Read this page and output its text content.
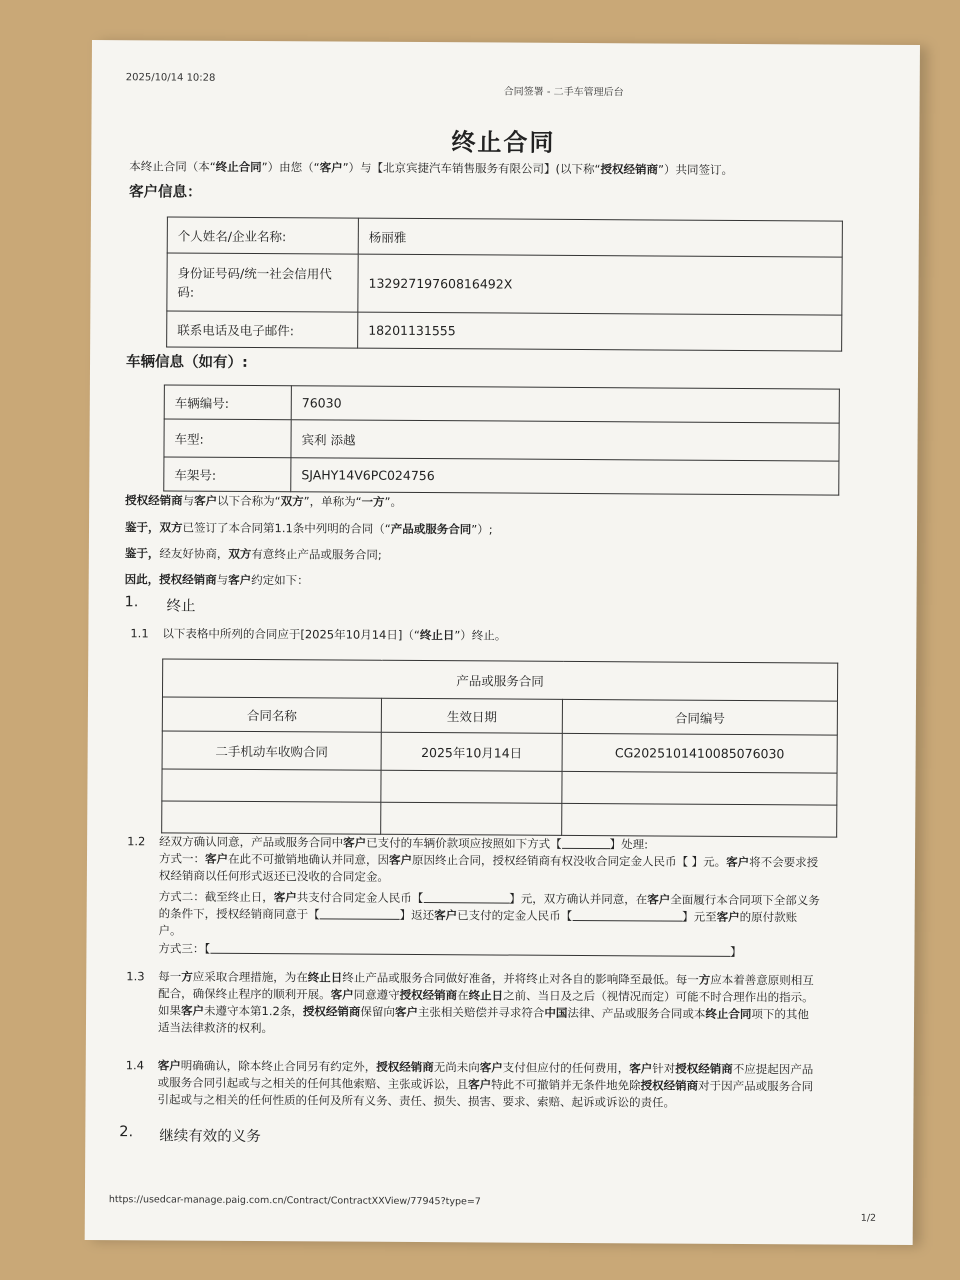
2025/10/14 10:28
合同签署 - 二手车管理后台
终止合同
本终止合同（本“终止合同”）由您（“客户”）与【北京宾捷汽车销售服务有限公司】(以下称“授权经销商”）共同签订。
客户信息：
个人姓名/企业名称:	杨丽雅
身份证号码/统一社会信用代码:	13292719760816492X
联系电话及电子邮件:	18201131555
车辆信息（如有）:
车辆编号:	76030
车型:	宾利 添越
车架号:	SJAHY14V6PC024756
授权经销商与客户以下合称为“双方”，单称为“一方”。
鉴于，双方已签订了本合同第1.1条中列明的合同（“产品或服务合同”）;
鉴于，经友好协商，双方有意终止产品或服务合同;
因此，授权经销商与客户约定如下：
1. 终止
1.1 以下表格中所列的合同应于[2025年10月14日]（“终止日”）终止。
产品或服务合同		
合同名称	生效日期	合同编号
二手机动车收购合同	2025年10月14日	CG2025101410085076030

1.2 经双方确认同意，产品或服务合同中客户已支付的车辆价款项应按照如下方式【	】处理:
方式一：客户在此不可撤销地确认并同意，因客户原因终止合同，授权经销商有权没收合同定金人民币【 】元。客户将不会要求授
权经销商以任何形式返还已没收的合同定金。
方式二：截至终止日，客户共支付合同定金人民币【	】元，双方确认并同意，在客户全面履行本合同项下全部义务
的条件下，授权经销商同意于【	】返还客户已支付的定金人民币【	】元至客户的原付款账
户。
方式三：【	】
1.3 每一方应采取合理措施，为在终止日终止产品或服务合同做好准备，并将终止对各自的影响降至最低。每一方应本着善意原则相互
配合，确保终止程序的顺利开展。客户同意遵守授权经销商在终止日之前、当日及之后（视情况而定）可能不时合理作出的指示。
如果客户未遵守本第1.2条，授权经销商保留向客户主张相关赔偿并寻求符合中国法律、产品或服务合同或本终止合同项下的其他
适当法律救济的权利。
1.4 客户明确确认，除本终止合同另有约定外，授权经销商无尚未向客户支付但应付的任何费用，客户针对授权经销商不应提起因产品
或服务合同引起或与之相关的任何其他索赔、主张或诉讼，且客户特此不可撤销并无条件地免除授权经销商对于因产品或服务合同
引起或与之相关的任何性质的任何及所有义务、责任、损失、损害、要求、索赔、起诉或诉讼的责任。
2. 继续有效的义务
https://usedcar-manage.paig.com.cn/Contract/ContractXXView/77945?type=7
1/2
